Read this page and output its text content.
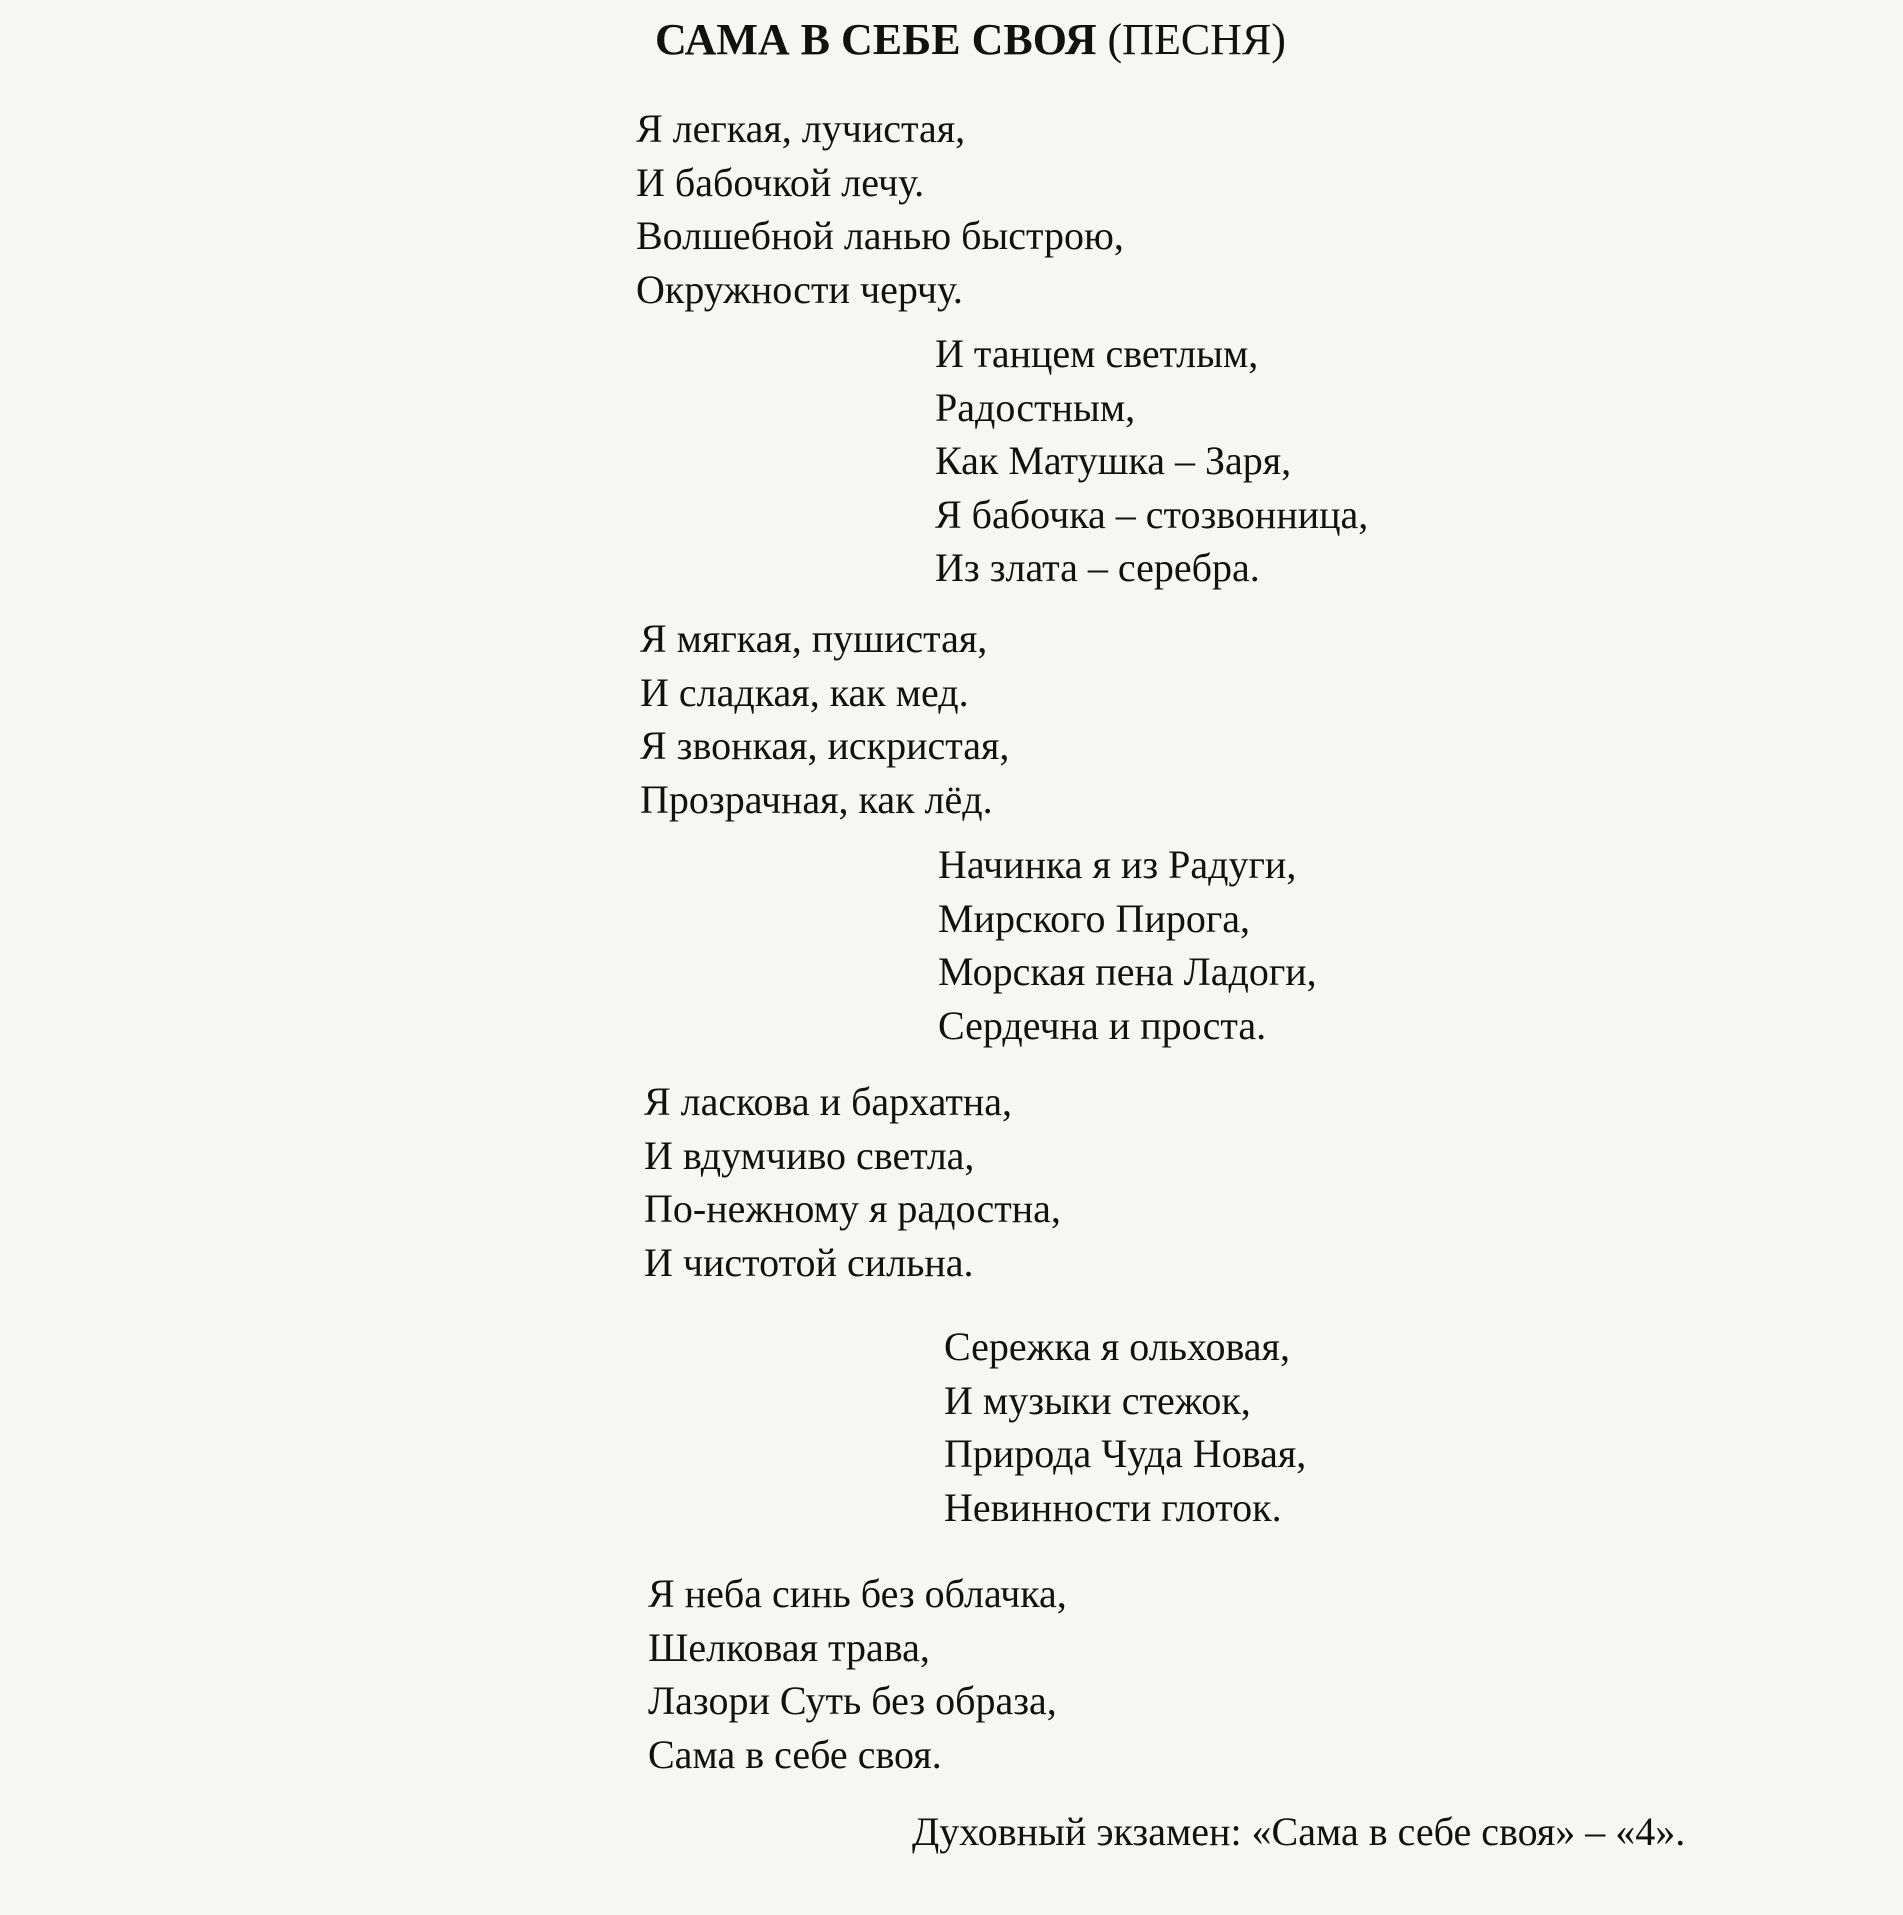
САМА В СЕБЕ СВОЯ (ПЕСНЯ)
Я легкая, лучистая,
И бабочкой лечу.
Волшебной ланью быстрою,
Окружности черчу.
И танцем светлым,
Радостным,
Как Матушка – Заря,
Я бабочка – стозвонница,
Из злата – серебра.
Я мягкая, пушистая,
И сладкая, как мед.
Я звонкая, искристая,
Прозрачная, как лёд.
Начинка я из Радуги,
Мирского Пирога,
Морская пена Ладоги,
Сердечна и проста.
Я ласкова и бархатна,
И вдумчиво светла,
По-нежному я радостна,
И чистотой сильна.
Сережка я ольховая,
И музыки стежок,
Природа Чуда Новая,
Невинности глоток.
Я неба синь без облачка,
Шелковая трава,
Лазори Суть без образа,
Сама в себе своя.
Духовный экзамен: «Сама в себе своя» – «4».
